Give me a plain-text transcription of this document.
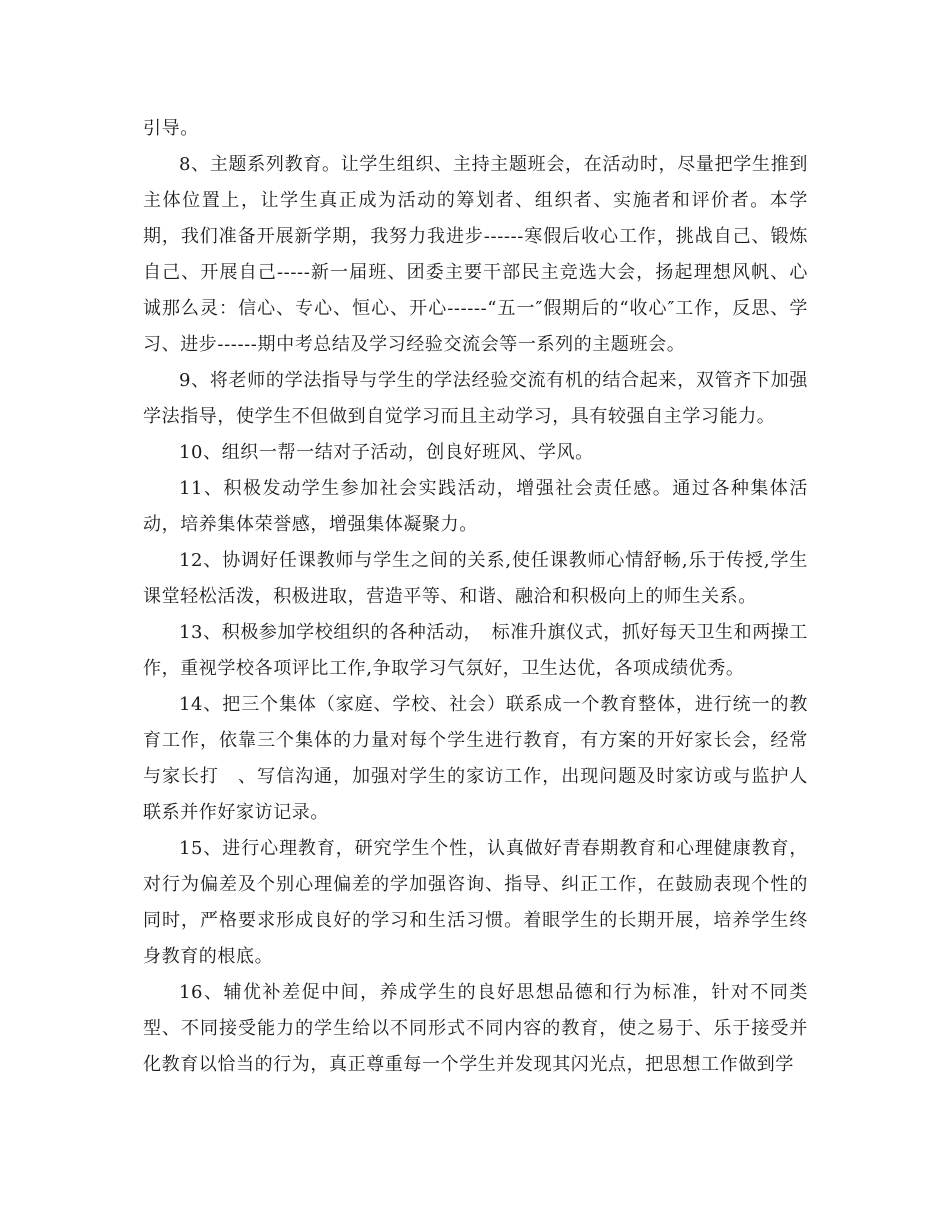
引导。

8、主题系列教育。让学生组织、主持主题班会，在活动时，尽量把学生推到主体位置上，让学生真正成为活动的筹划者、组织者、实施者和评价者。本学期，我们准备开展新学期，我努力我进步------寒假后收心工作，挑战自己、锻炼自己、开展自己-----新一届班、团委主要干部民主竞选大会，扬起理想风帆、心诚那么灵：信心、专心、恒心、开心------“五一″假期后的“收心″工作，反思、学习、进步------期中考总结及学习经验交流会等一系列的主题班会。

9、将老师的学法指导与学生的学法经验交流有机的结合起来，双管齐下加强学法指导，使学生不但做到自觉学习而且主动学习，具有较强自主学习能力。

10、组织一帮一结对子活动，创良好班风、学风。

11、积极发动学生参加社会实践活动，增强社会责任感。通过各种集体活动，培养集体荣誉感，增强集体凝聚力。

12、协调好任课教师与学生之间的关系,使任课教师心情舒畅,乐于传授,学生课堂轻松活泼，积极进取，营造平等、和谐、融洽和积极向上的师生关系。

13、积极参加学校组织的各种活动，　标准升旗仪式，抓好每天卫生和两操工作，重视学校各项评比工作,争取学习气氛好，卫生达优，各项成绩优秀。

14、把三个集体（家庭、学校、社会）联系成一个教育整体，进行统一的教育工作，依靠三个集体的力量对每个学生进行教育，有方案的开好家长会，经常与家长打　、写信沟通，加强对学生的家访工作，出现问题及时家访或与监护人联系并作好家访记录。

15、进行心理教育，研究学生个性，认真做好青春期教育和心理健康教育，对行为偏差及个别心理偏差的学加强咨询、指导、纠正工作，在鼓励表现个性的同时，严格要求形成良好的学习和生活习惯。着眼学生的长期开展，培养学生终身教育的根底。

16、辅优补差促中间，养成学生的良好思想品德和行为标准，针对不同类型、不同接受能力的学生给以不同形式不同内容的教育，使之易于、乐于接受并化教育以恰当的行为，真正尊重每一个学生并发现其闪光点，把思想工作做到学
